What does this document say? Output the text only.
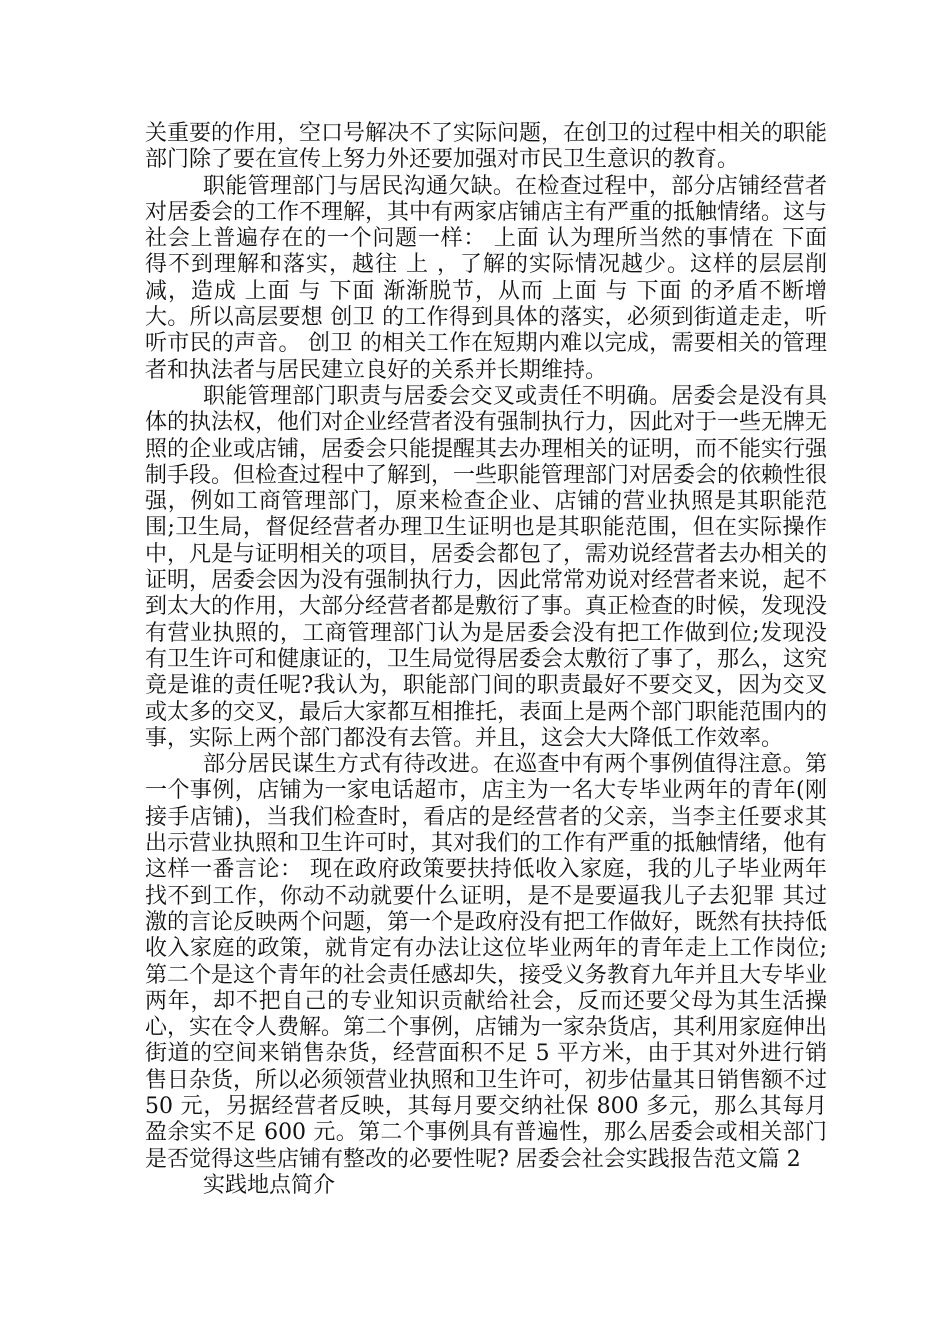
关重要的作用，空口号解决不了实际问题，在创卫的过程中相关的职能部门除了要在宣传上努力外还要加强对市民卫生意识的教育。

职能管理部门与居民沟通欠缺。在检查过程中，部分店铺经营者对居委会的工作不理解，其中有两家店铺店主有严重的抵触情绪。这与社会上普遍存在的一个问题一样： 上面 认为理所当然的事情在 下面 得不到理解和落实，越往 上 ，了解的实际情况越少。这样的层层削减，造成 上面 与 下面 渐渐脱节，从而 上面 与 下面 的矛盾不断增大。所以高层要想 创卫 的工作得到具体的落实，必须到街道走走，听听市民的声音。 创卫 的相关工作在短期内难以完成，需要相关的管理者和执法者与居民建立良好的关系并长期维持。

职能管理部门职责与居委会交叉或责任不明确。居委会是没有具体的执法权，他们对企业经营者没有强制执行力，因此对于一些无牌无照的企业或店铺，居委会只能提醒其去办理相关的证明，而不能实行强制手段。但检查过程中了解到，一些职能管理部门对居委会的依赖性很强，例如工商管理部门，原来检查企业、店铺的营业执照是其职能范围;卫生局，督促经营者办理卫生证明也是其职能范围，但在实际操作中，凡是与证明相关的项目，居委会都包了，需劝说经营者去办相关的证明，居委会因为没有强制执行力，因此常常劝说对经营者来说，起不到太大的作用，大部分经营者都是敷衍了事。真正检查的时候，发现没有营业执照的，工商管理部门认为是居委会没有把工作做到位;发现没有卫生许可和健康证的，卫生局觉得居委会太敷衍了事了，那么，这究竟是谁的责任呢?我认为，职能部门间的职责最好不要交叉，因为交叉或太多的交叉，最后大家都互相推托，表面上是两个部门职能范围内的事，实际上两个部门都没有去管。并且，这会大大降低工作效率。

部分居民谋生方式有待改进。在巡查中有两个事例值得注意。第一个事例，店铺为一家电话超市，店主为一名大专毕业两年的青年(刚接手店铺)，当我们检查时，看店的是经营者的父亲，当李主任要求其出示营业执照和卫生许可时，其对我们的工作有严重的抵触情绪，他有这样一番言论： 现在政府政策要扶持低收入家庭，我的儿子毕业两年找不到工作，你动不动就要什么证明，是不是要逼我儿子去犯罪 其过激的言论反映两个问题，第一个是政府没有把工作做好，既然有扶持低收入家庭的政策，就肯定有办法让这位毕业两年的青年走上工作岗位;第二个是这个青年的社会责任感却失，接受义务教育九年并且大专毕业两年，却不把自己的专业知识贡献给社会，反而还要父母为其生活操心，实在令人费解。第二个事例，店铺为一家杂货店，其利用家庭伸出街道的空间来销售杂货，经营面积不足 5 平方米，由于其对外进行销售日杂货，所以必须领营业执照和卫生许可，初步估量其日销售额不过 50 元，另据经营者反映，其每月要交纳社保 800 多元，那么其每月盈余实不足 600 元。第二个事例具有普遍性，那么居委会或相关部门是否觉得这些店铺有整改的必要性呢? 居委会社会实践报告范文篇 2

实践地点简介
